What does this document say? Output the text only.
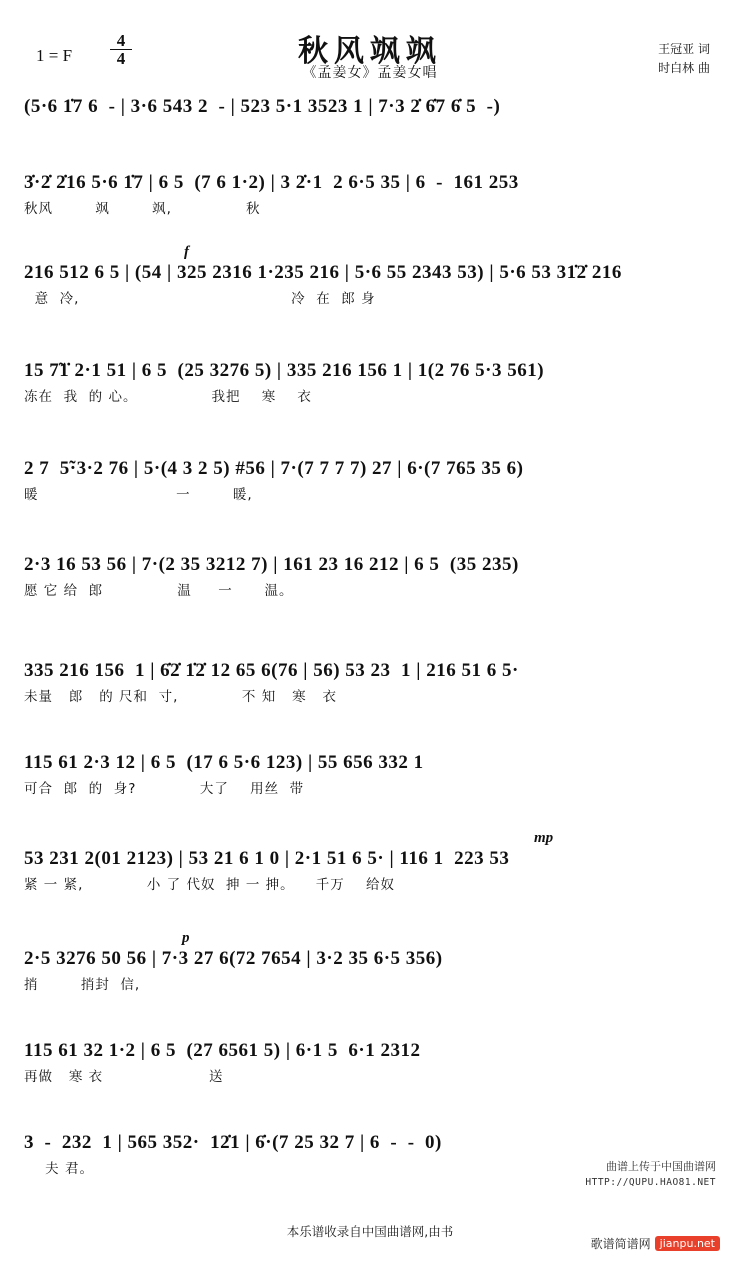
1 = F $\frac{4}{4}$	秋风飒飒
《孟姜女》孟姜女唱
王冠亚 词
时白林 曲
(5·6 1̇7 6  - | 3·6 543 2  - | 523 5·1 3523 1 | 7·3 2̇ 6̇7 6̇ 5  -)
3̇·2̇ 2̇16 5·6 1̇7 | 6 5  (7 6 1·2) | 3 2̇·1  2 6·5 35 | 6  -  161 253
秋风        飒        飒,              秋
f
216 512 6 5 | (54 | 325 2316 1·235 216 | 5·6 55 2343 53) | 5·6 53 31̇2̇ 216
意  冷,                                        冷  在  郎 身
15 7̃1̇ 2·1 51 | 6 5  (25 3276 5) | 335 216 156 1 | 1(2 76 5·3 561)
冻在  我  的 心。              我把    寒    衣
2 7  5̃·3·2 76 | 5·(4 3 2 5) #56 | 7·(7 7 7 7) 27 | 6·(7 765 35 6)
暖                          一        暖,
2·3 16 53 56 | 7·(2 35 3212 7) | 161 23 16 212 | 6 5  (35 235)
愿 它 给  郎              温     一      温。
335 216 156  1 | 6̇2̇ 1̇2̇ 12 65 6(76 | 56) 53 23  1 | 216 51 6 5·
未量   郎   的 尺和  寸,            不 知   寒   衣
115 61 2·3 12 | 6 5  (17 6 5·6 123) | 55 656 332 1
可合  郎  的  身?            大了    用丝  带
mp
53 231 2(01 2123) | 53 21 6 1 0 | 2·1 51 6 5· | 116 1  223 53
紧 一 紧,            小 了 代奴  抻 一 抻。    千万    给奴
p
2·5 3276 50 56 | 7·3 27 6(72 7654 | 3·2 35 6·5 356)
捎        捎封  信,
115 61 32 1·2 | 6 5  (27 6561 5) | 6·1 5  6·1 2312
再做   寒 衣                    送
3  -  232  1 | 565 352·  12̇1 | 6̇·(7 25 32 7 | 6  -  -  0)
夫 君。	曲谱上传于中国曲谱网
HTTP://QUPU.HAO81.NET
本乐谱收录自中国曲谱网,由书
歌谱简谱网 jianpu.net
